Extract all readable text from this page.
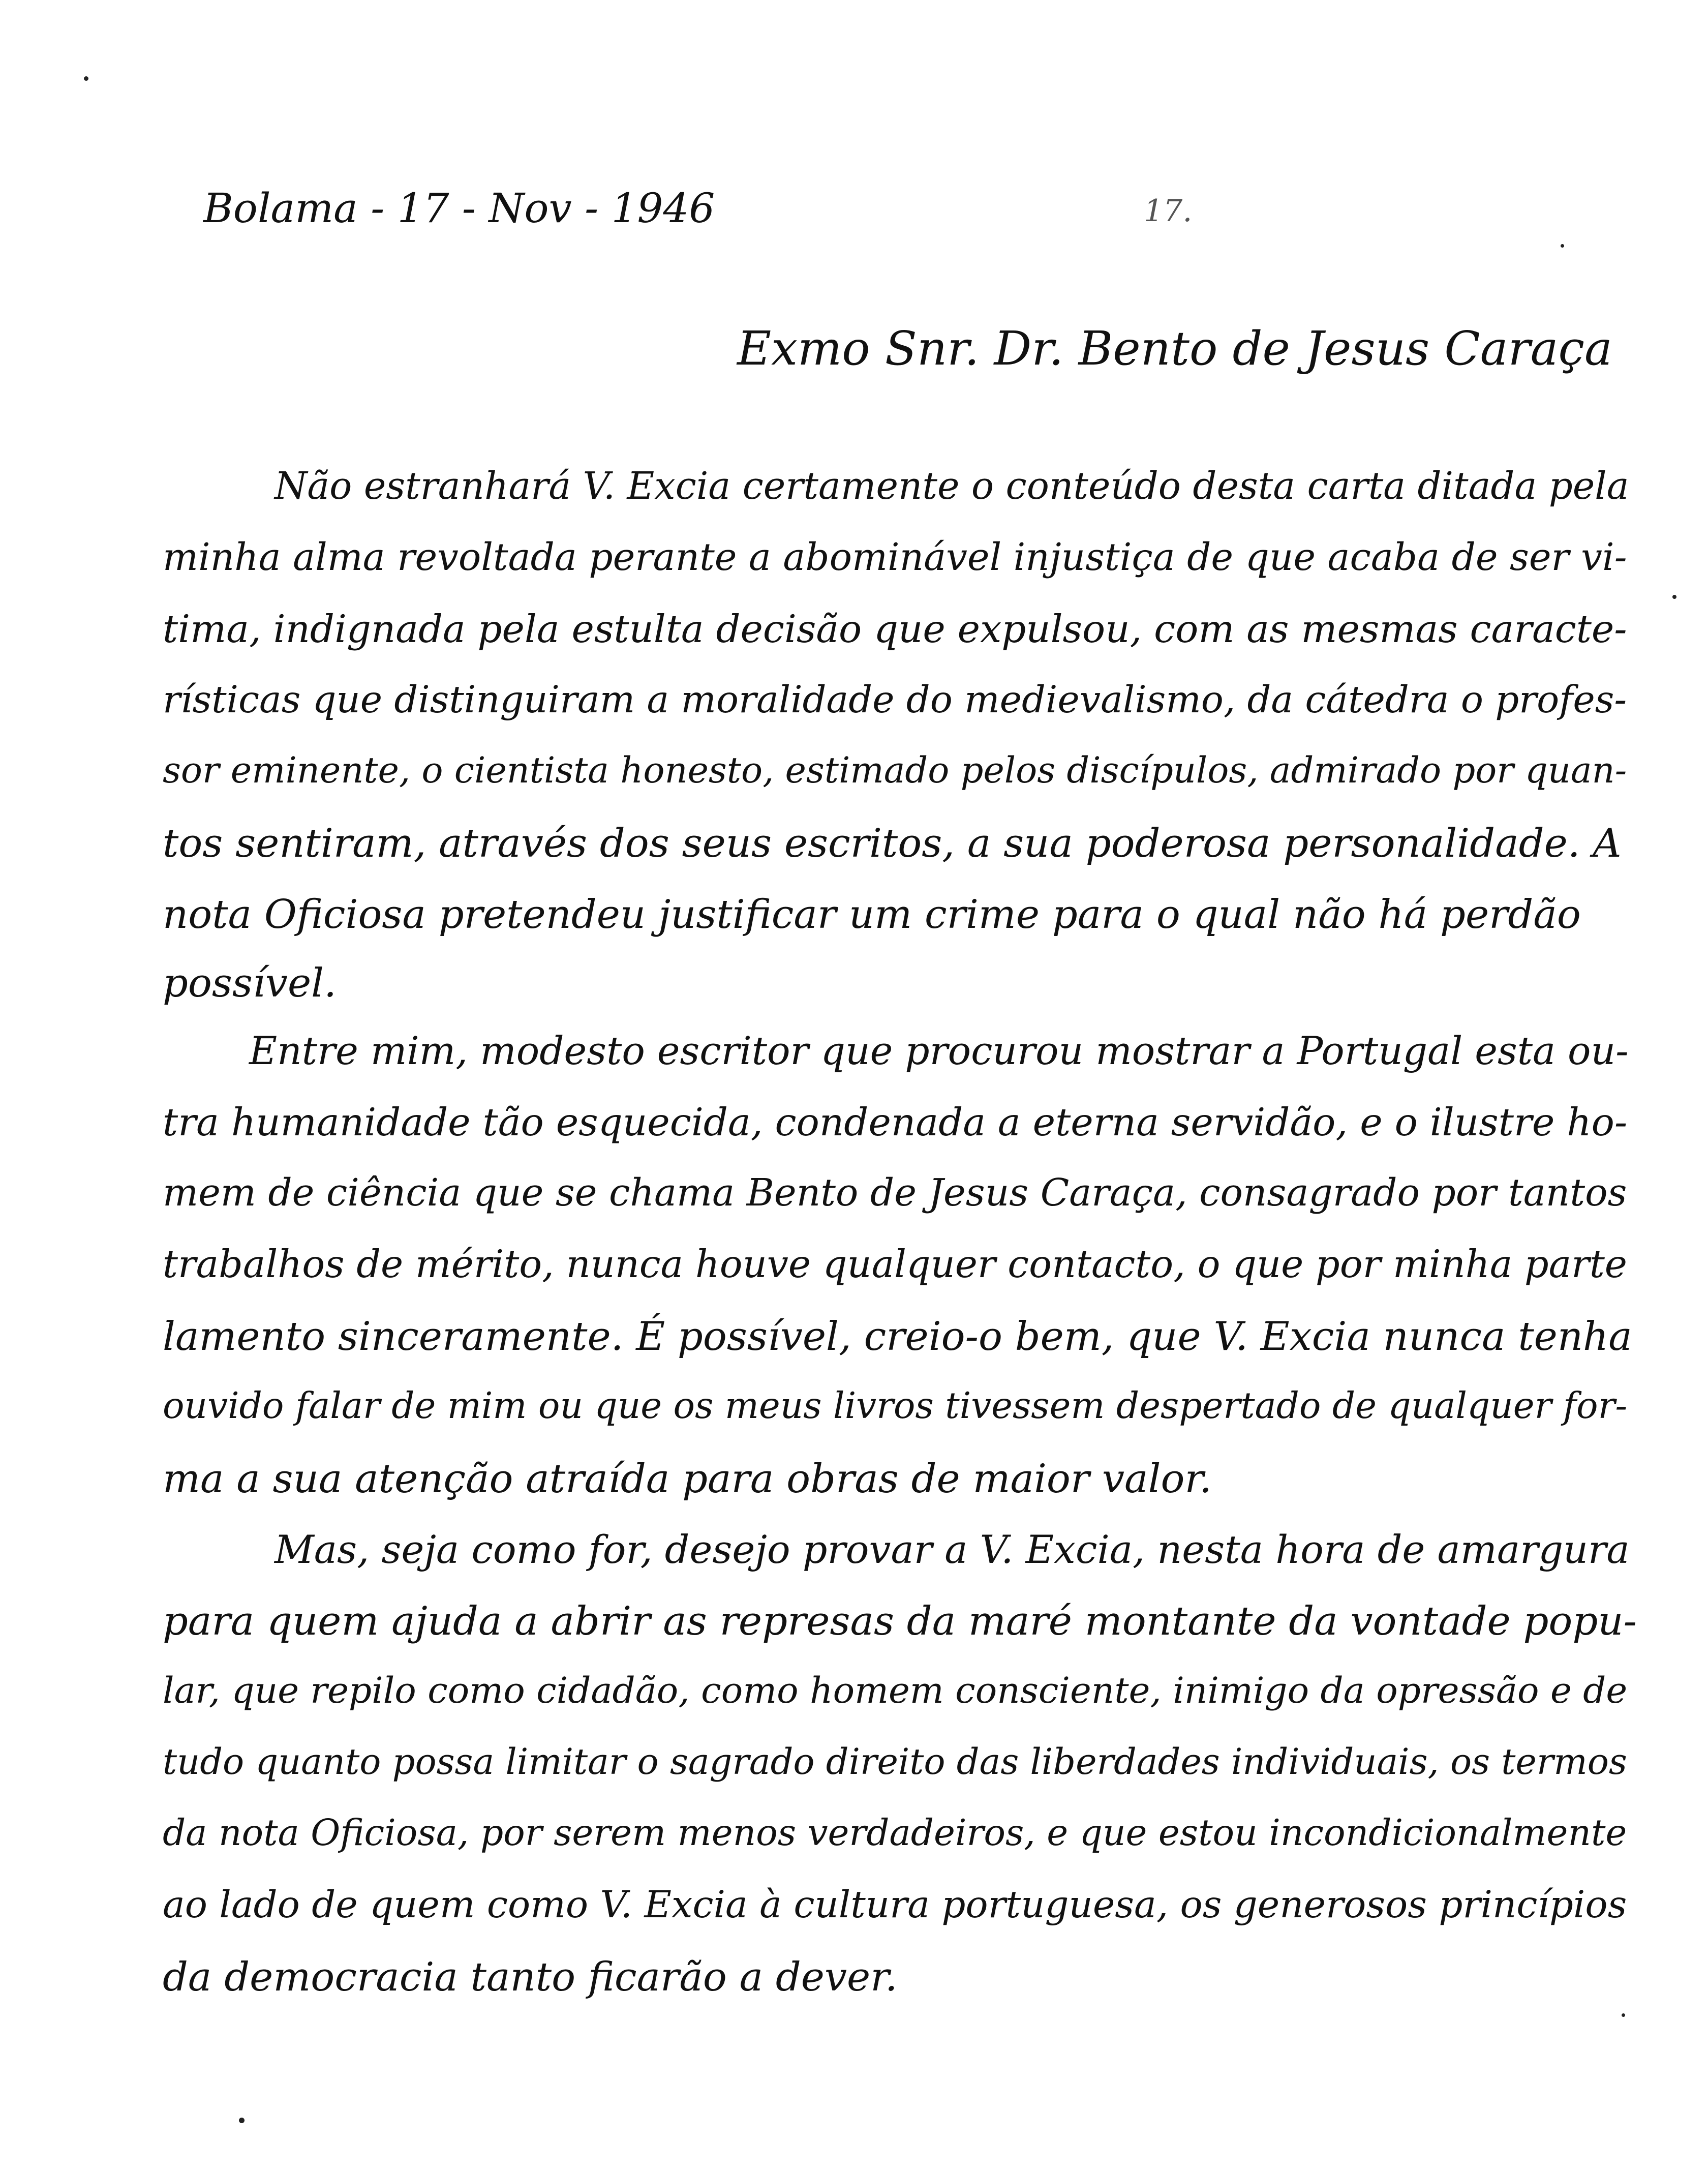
Bolama - 17 - Nov - 1946	17.
Exmo Snr. Dr. Bento de Jesus Caraça
Não estranhará V. Excia certamente o conteúdo desta carta ditada pela
minha alma revoltada perante a abominável injustiça de que acaba de ser vi-
tima, indignada pela estulta decisão que expulsou, com as mesmas caracte-
rísticas que distinguiram a moralidade do medievalismo, da cátedra o profes-
sor eminente, o cientista honesto, estimado pelos discípulos, admirado por quan-
tos sentiram, através dos seus escritos, a sua poderosa personalidade. A
nota Oficiosa pretendeu justificar um crime para o qual não há perdão
possível.
Entre mim, modesto escritor que procurou mostrar a Portugal esta ou-
tra humanidade tão esquecida, condenada a eterna servidão, e o ilustre ho-
mem de ciência que se chama Bento de Jesus Caraça, consagrado por tantos
trabalhos de mérito, nunca houve qualquer contacto, o que por minha parte
lamento sinceramente. É possível, creio-o bem, que V. Excia nunca tenha
ouvido falar de mim ou que os meus livros tivessem despertado de qualquer for-
ma a sua atenção atraída para obras de maior valor.
Mas, seja como for, desejo provar a V. Excia, nesta hora de amargura
para quem ajuda a abrir as represas da maré montante da vontade popu-
lar, que repilo como cidadão, como homem consciente, inimigo da opressão e de
tudo quanto possa limitar o sagrado direito das liberdades individuais, os termos
da nota Oficiosa, por serem menos verdadeiros, e que estou incondicionalmente
ao lado de quem como V. Excia à cultura portuguesa, os generosos princípios
da democracia tanto ficarão a dever.
